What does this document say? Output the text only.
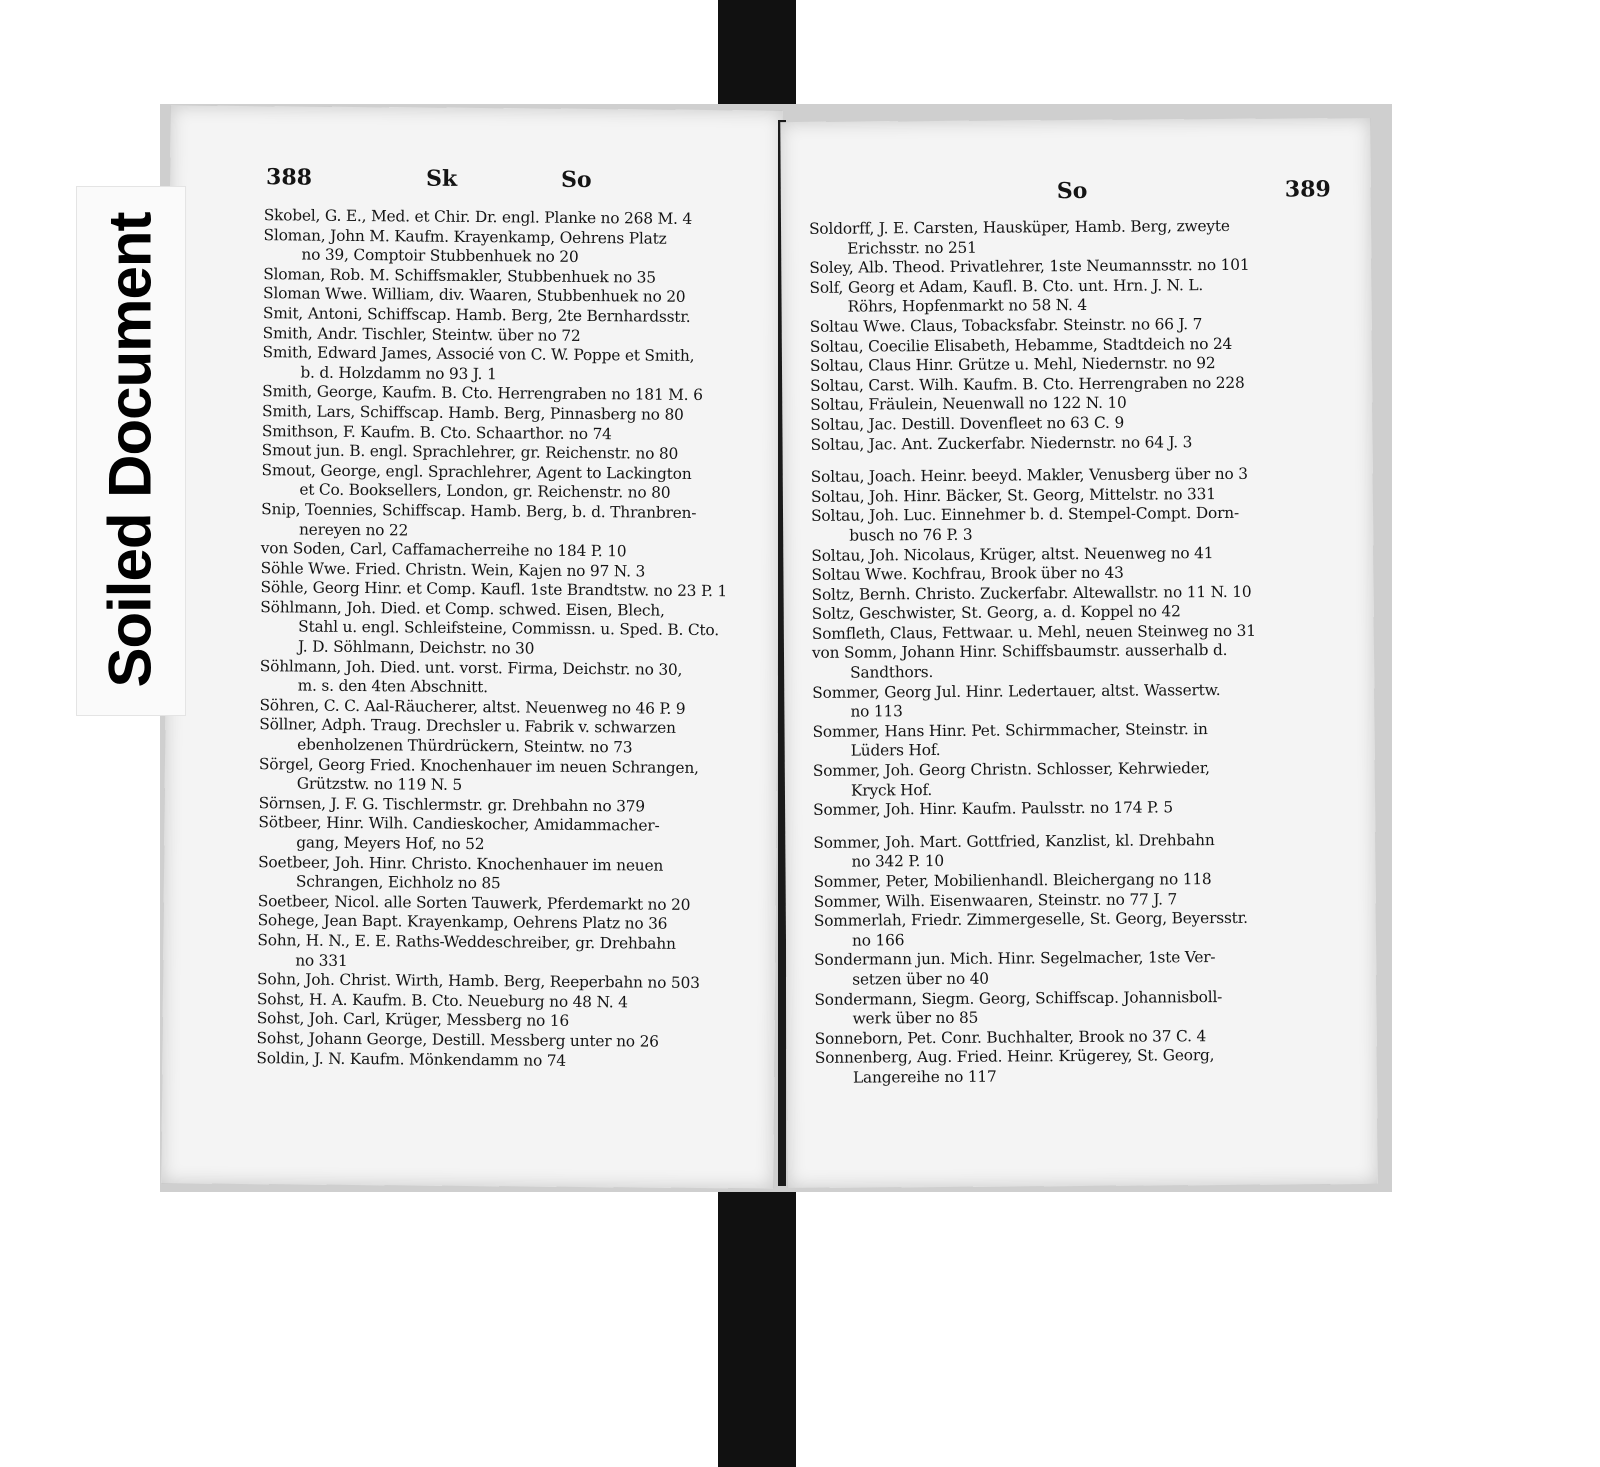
388	Sk	So
Skobel, G. E., Med. et Chir. Dr. engl. Planke no 268 M. 4
Sloman, John M. Kaufm. Krayenkamp, Oehrens Platz
no 39, Comptoir Stubbenhuek no 20
Sloman, Rob. M. Schiffsmakler, Stubbenhuek no 35
Sloman Wwe. William, div. Waaren, Stubbenhuek no 20
Smit, Antoni, Schiffscap. Hamb. Berg, 2te Bernhardsstr.
Smith, Andr. Tischler, Steintw. über no 72
Smith, Edward James, Associé von C. W. Poppe et Smith,
b. d. Holzdamm no 93 J. 1
Smith, George, Kaufm. B. Cto. Herrengraben no 181 M. 6
Smith, Lars, Schiffscap. Hamb. Berg, Pinnasberg no 80
Smithson, F. Kaufm. B. Cto. Schaarthor. no 74
Smout jun. B. engl. Sprachlehrer, gr. Reichenstr. no 80
Smout, George, engl. Sprachlehrer, Agent to Lackington
et Co. Booksellers, London, gr. Reichenstr. no 80
Snip, Toennies, Schiffscap. Hamb. Berg, b. d. Thranbren-
nereyen no 22
von Soden, Carl, Caffamacherreihe no 184 P. 10
Söhle Wwe. Fried. Christn. Wein, Kajen no 97 N. 3
Söhle, Georg Hinr. et Comp. Kaufl. 1ste Brandtstw. no 23 P. 1
Söhlmann, Joh. Died. et Comp. schwed. Eisen, Blech,
Stahl u. engl. Schleifsteine, Commissn. u. Sped. B. Cto.
J. D. Söhlmann, Deichstr. no 30
Söhlmann, Joh. Died. unt. vorst. Firma, Deichstr. no 30,
m. s. den 4ten Abschnitt.
Söhren, C. C. Aal-Räucherer, altst. Neuenweg no 46 P. 9
Söllner, Adph. Traug. Drechsler u. Fabrik v. schwarzen
ebenholzenen Thürdrückern, Steintw. no 73
Sörgel, Georg Fried. Knochenhauer im neuen Schrangen,
Grützstw. no 119 N. 5
Sörnsen, J. F. G. Tischlermstr. gr. Drehbahn no 379
Sötbeer, Hinr. Wilh. Candieskocher, Amidammacher-
gang, Meyers Hof, no 52
Soetbeer, Joh. Hinr. Christo. Knochenhauer im neuen
Schrangen, Eichholz no 85
Soetbeer, Nicol. alle Sorten Tauwerk, Pferdemarkt no 20
Sohege, Jean Bapt. Krayenkamp, Oehrens Platz no 36
Sohn, H. N., E. E. Raths-Weddeschreiber, gr. Drehbahn
no 331
Sohn, Joh. Christ. Wirth, Hamb. Berg, Reeperbahn no 503
Sohst, H. A. Kaufm. B. Cto. Neueburg no 48 N. 4
Sohst, Joh. Carl, Krüger, Messberg no 16
Sohst, Johann George, Destill. Messberg unter no 26
Soldin, J. N. Kaufm. Mönkendamm no 74
So	389
Soldorff, J. E. Carsten, Hausküper, Hamb. Berg, zweyte
Erichsstr. no 251
Soley, Alb. Theod. Privatlehrer, 1ste Neumannsstr. no 101
Solf, Georg et Adam, Kaufl. B. Cto. unt. Hrn. J. N. L.
Röhrs, Hopfenmarkt no 58 N. 4
Soltau Wwe. Claus, Tobacksfabr. Steinstr. no 66 J. 7
Soltau, Coecilie Elisabeth, Hebamme, Stadtdeich no 24
Soltau, Claus Hinr. Grütze u. Mehl, Niedernstr. no 92
Soltau, Carst. Wilh. Kaufm. B. Cto. Herrengraben no 228
Soltau, Fräulein, Neuenwall no 122 N. 10
Soltau, Jac. Destill. Dovenfleet no 63 C. 9
Soltau, Jac. Ant. Zuckerfabr. Niedernstr. no 64 J. 3
Soltau, Joach. Heinr. beeyd. Makler, Venusberg über no 3
Soltau, Joh. Hinr. Bäcker, St. Georg, Mittelstr. no 331
Soltau, Joh. Luc. Einnehmer b. d. Stempel-Compt. Dorn-
busch no 76 P. 3
Soltau, Joh. Nicolaus, Krüger, altst. Neuenweg no 41
Soltau Wwe. Kochfrau, Brook über no 43
Soltz, Bernh. Christo. Zuckerfabr. Altewallstr. no 11 N. 10
Soltz, Geschwister, St. Georg, a. d. Koppel no 42
Somfleth, Claus, Fettwaar. u. Mehl, neuen Steinweg no 31
von Somm, Johann Hinr. Schiffsbaumstr. ausserhalb d.
Sandthors.
Sommer, Georg Jul. Hinr. Ledertauer, altst. Wassertw.
no 113
Sommer, Hans Hinr. Pet. Schirmmacher, Steinstr. in
Lüders Hof.
Sommer, Joh. Georg Christn. Schlosser, Kehrwieder,
Kryck Hof.
Sommer, Joh. Hinr. Kaufm. Paulsstr. no 174 P. 5
Sommer, Joh. Mart. Gottfried, Kanzlist, kl. Drehbahn
no 342 P. 10
Sommer, Peter, Mobilienhandl. Bleichergang no 118
Sommer, Wilh. Eisenwaaren, Steinstr. no 77 J. 7
Sommerlah, Friedr. Zimmergeselle, St. Georg, Beyersstr.
no 166
Sondermann jun. Mich. Hinr. Segelmacher, 1ste Ver-
setzen über no 40
Sondermann, Siegm. Georg, Schiffscap. Johannisboll-
werk über no 85
Sonneborn, Pet. Conr. Buchhalter, Brook no 37 C. 4
Sonnenberg, Aug. Fried. Heinr. Krügerey, St. Georg,
Langereihe no 117
Soiled Document
